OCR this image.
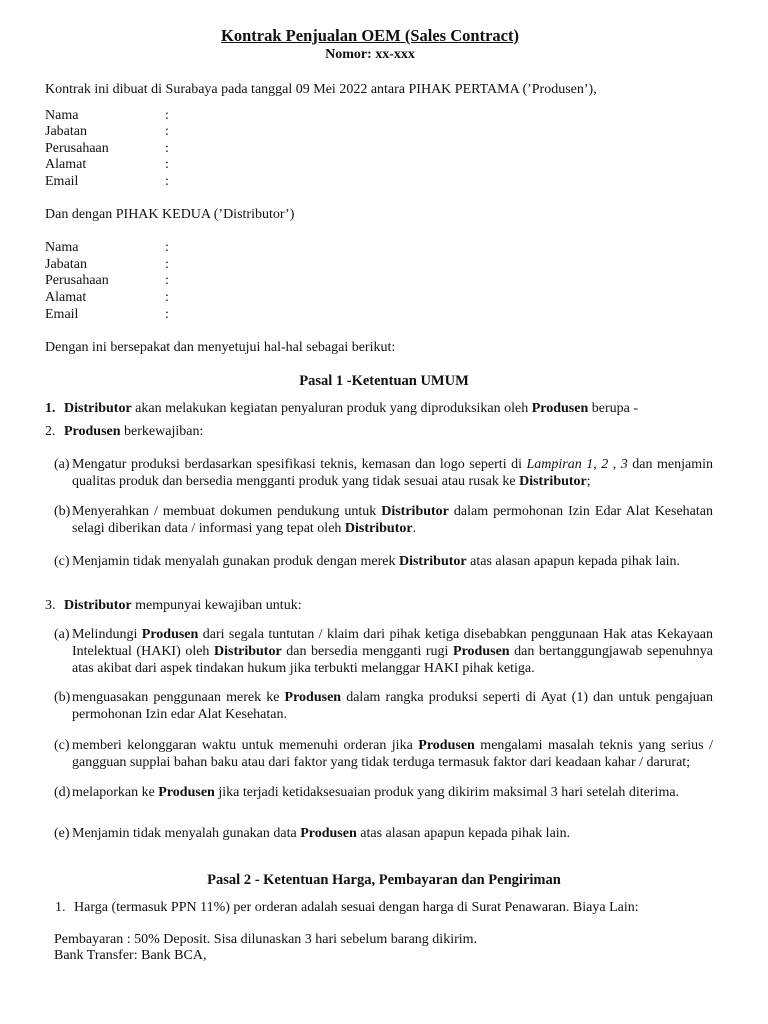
Kontrak Penjualan OEM (Sales Contract)
Nomor: xx-xxx
Kontrak ini dibuat di Surabaya pada tanggal 09 Mei 2022 antara PIHAK PERTAMA (’Produsen’),
Nama	:
Jabatan	:
Perusahaan	:
Alamat	:
Email	:
Dan dengan PIHAK KEDUA (’Distributor’)
Nama	:
Jabatan	:
Perusahaan	:
Alamat	:
Email	:
Dengan ini bersepakat dan menyetujui hal-hal sebagai berikut:
Pasal 1 -Ketentuan UMUM
1. Distributor akan melakukan kegiatan penyaluran produk yang diproduksikan oleh Produsen berupa -
2. Produsen berkewajiban:
(a) Mengatur produksi berdasarkan spesifikasi teknis, kemasan dan logo seperti di Lampiran 1, 2 , 3 dan menjamin qualitas produk dan bersedia mengganti produk yang tidak sesuai atau rusak ke Distributor;
(b) Menyerahkan / membuat dokumen pendukung untuk Distributor dalam permohonan Izin Edar Alat Kesehatan selagi diberikan data / informasi yang tepat oleh Distributor.
(c) Menjamin tidak menyalah gunakan produk dengan merek Distributor atas alasan apapun kepada pihak lain.
3. Distributor mempunyai kewajiban untuk:
(a) Melindungi Produsen dari segala tuntutan / klaim dari pihak ketiga disebabkan penggunaan Hak atas Kekayaan Intelektual (HAKI) oleh Distributor dan bersedia mengganti rugi Produsen dan bertanggungjawab sepenuhnya atas akibat dari aspek tindakan hukum jika terbukti melanggar HAKI pihak ketiga.
(b) menguasakan penggunaan merek ke Produsen dalam rangka produksi seperti di Ayat (1) dan untuk pengajuan permohonan Izin edar Alat Kesehatan.
(c) memberi kelonggaran waktu untuk memenuhi orderan jika Produsen mengalami masalah teknis yang serius / gangguan supplai bahan baku atau dari faktor yang tidak terduga termasuk faktor dari keadaan kahar / darurat;
(d) melaporkan ke Produsen jika terjadi ketidaksesuaian produk yang dikirim maksimal 3 hari setelah diterima.
(e) Menjamin tidak menyalah gunakan data Produsen atas alasan apapun kepada pihak lain.
Pasal 2 - Ketentuan Harga, Pembayaran dan Pengiriman
1. Harga (termasuk PPN 11%) per orderan adalah sesuai dengan harga di Surat Penawaran. Biaya Lain:
Pembayaran : 50% Deposit. Sisa dilunaskan 3 hari sebelum barang dikirim.
Bank Transfer: Bank BCA,
